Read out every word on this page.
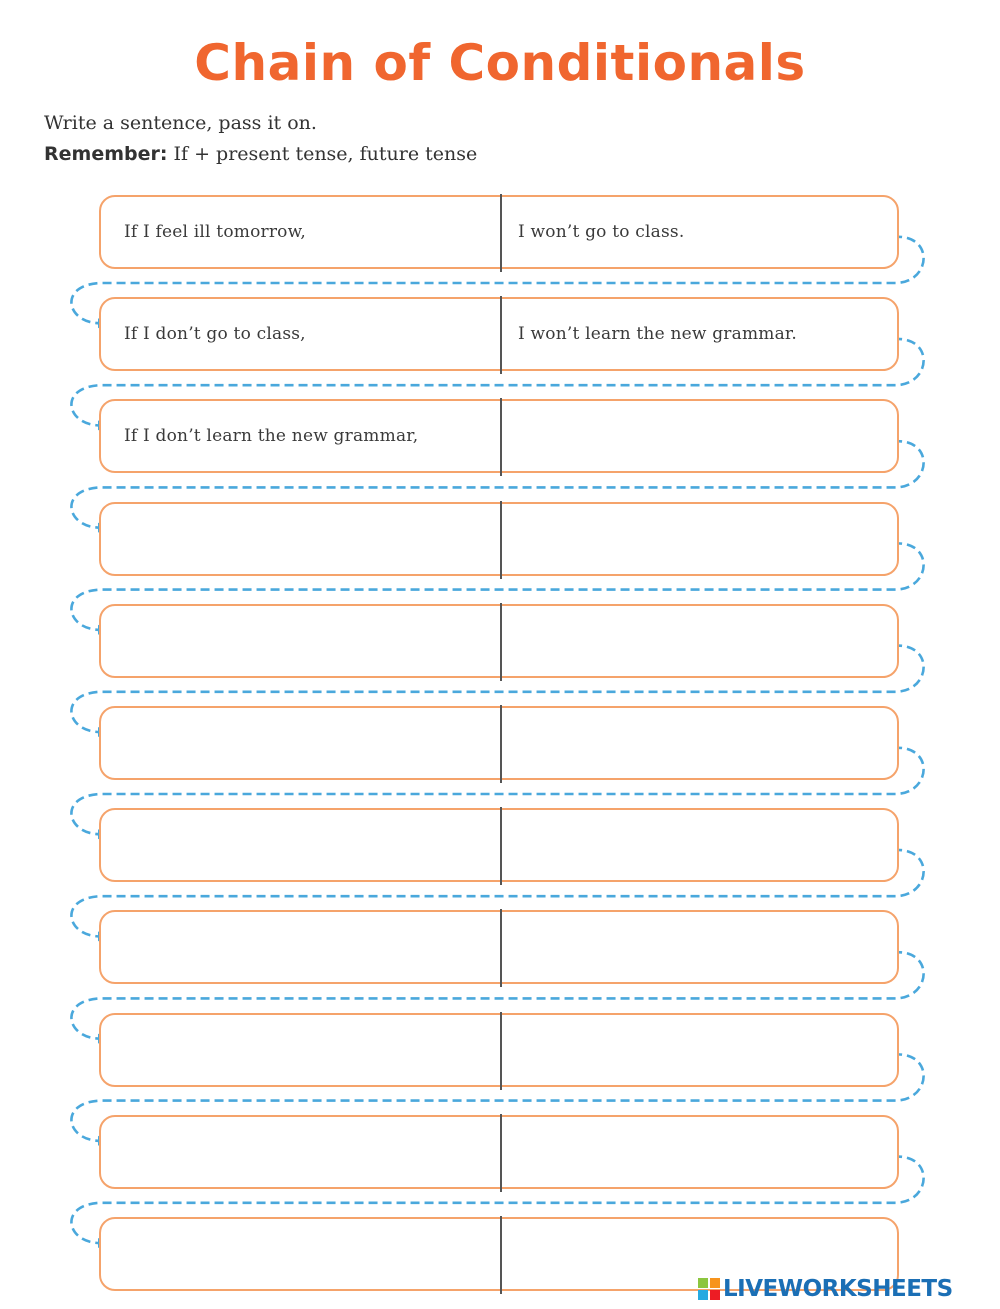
Chain of Conditionals
Write a sentence, pass it on.
Remember: If + present tense, future tense
If I feel ill tomorrow,	I won’t go to class.
If I don’t go to class,	I won’t learn the new grammar.
If I don’t learn the new grammar,
LIVEWORKSHEETS
